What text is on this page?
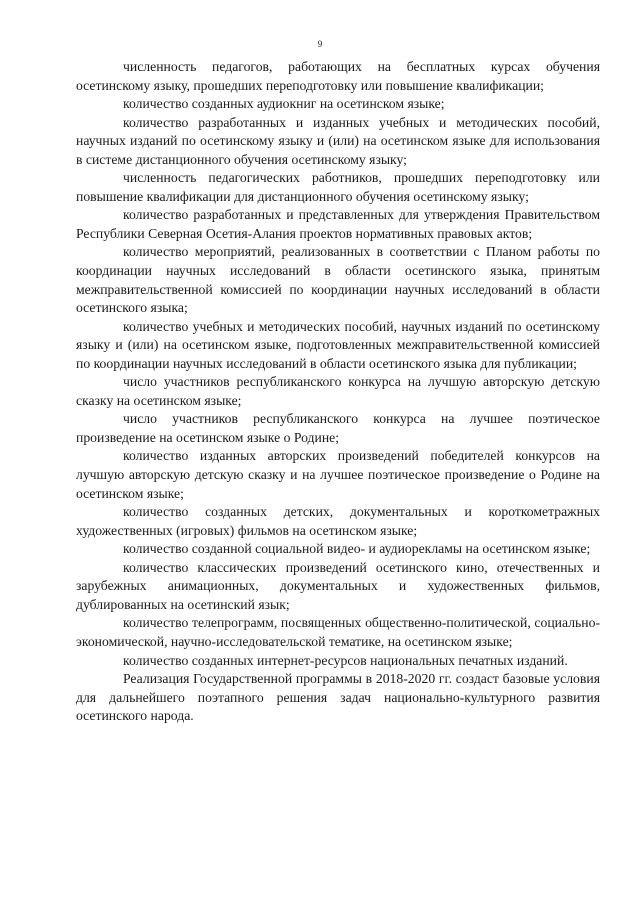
9

численность педагогов, работающих на бесплатных курсах обучения осетинскому языку, прошедших переподготовку или повышение квалификации;

количество созданных аудиокниг на осетинском языке;

количество разработанных и изданных учебных и методических пособий, научных изданий по осетинскому языку и (или) на осетинском языке для использования в системе дистанционного обучения осетинскому языку;

численность педагогических работников, прошедших переподготовку или повышение квалификации для дистанционного обучения осетинскому языку;

количество разработанных и представленных для утверждения Правительством Республики Северная Осетия-Алания проектов нормативных правовых актов;

количество мероприятий, реализованных в соответствии с Планом работы по координации научных исследований в области осетинского языка, принятым межправительственной комиссией по координации научных исследований в области осетинского языка;

количество учебных и методических пособий, научных изданий по осетинскому языку и (или) на осетинском языке, подготовленных межправительственной комиссией по координации научных исследований в области осетинского языка для публикации;

число участников республиканского конкурса на лучшую авторскую детскую сказку на осетинском языке;

число участников республиканского конкурса на лучшее поэтическое произведение на осетинском языке о Родине;

количество изданных авторских произведений победителей конкурсов на лучшую авторскую детскую сказку и на лучшее поэтическое произведение о Родине на осетинском языке;

количество созданных детских, документальных и короткометражных художественных (игровых) фильмов на осетинском языке;

количество созданной социальной видео- и аудиорекламы на осетинском языке;

количество классических произведений осетинского кино, отечественных и зарубежных анимационных, документальных и художественных фильмов, дублированных на осетинский язык;

количество телепрограмм, посвященных общественно-политической, социально-экономической, научно-исследовательской тематике, на осетинском языке;

количество созданных интернет-ресурсов национальных печатных изданий.

Реализация Государственной программы в 2018-2020 гг. создаст базовые условия для дальнейшего поэтапного решения задач национально-культурного развития осетинского народа.
